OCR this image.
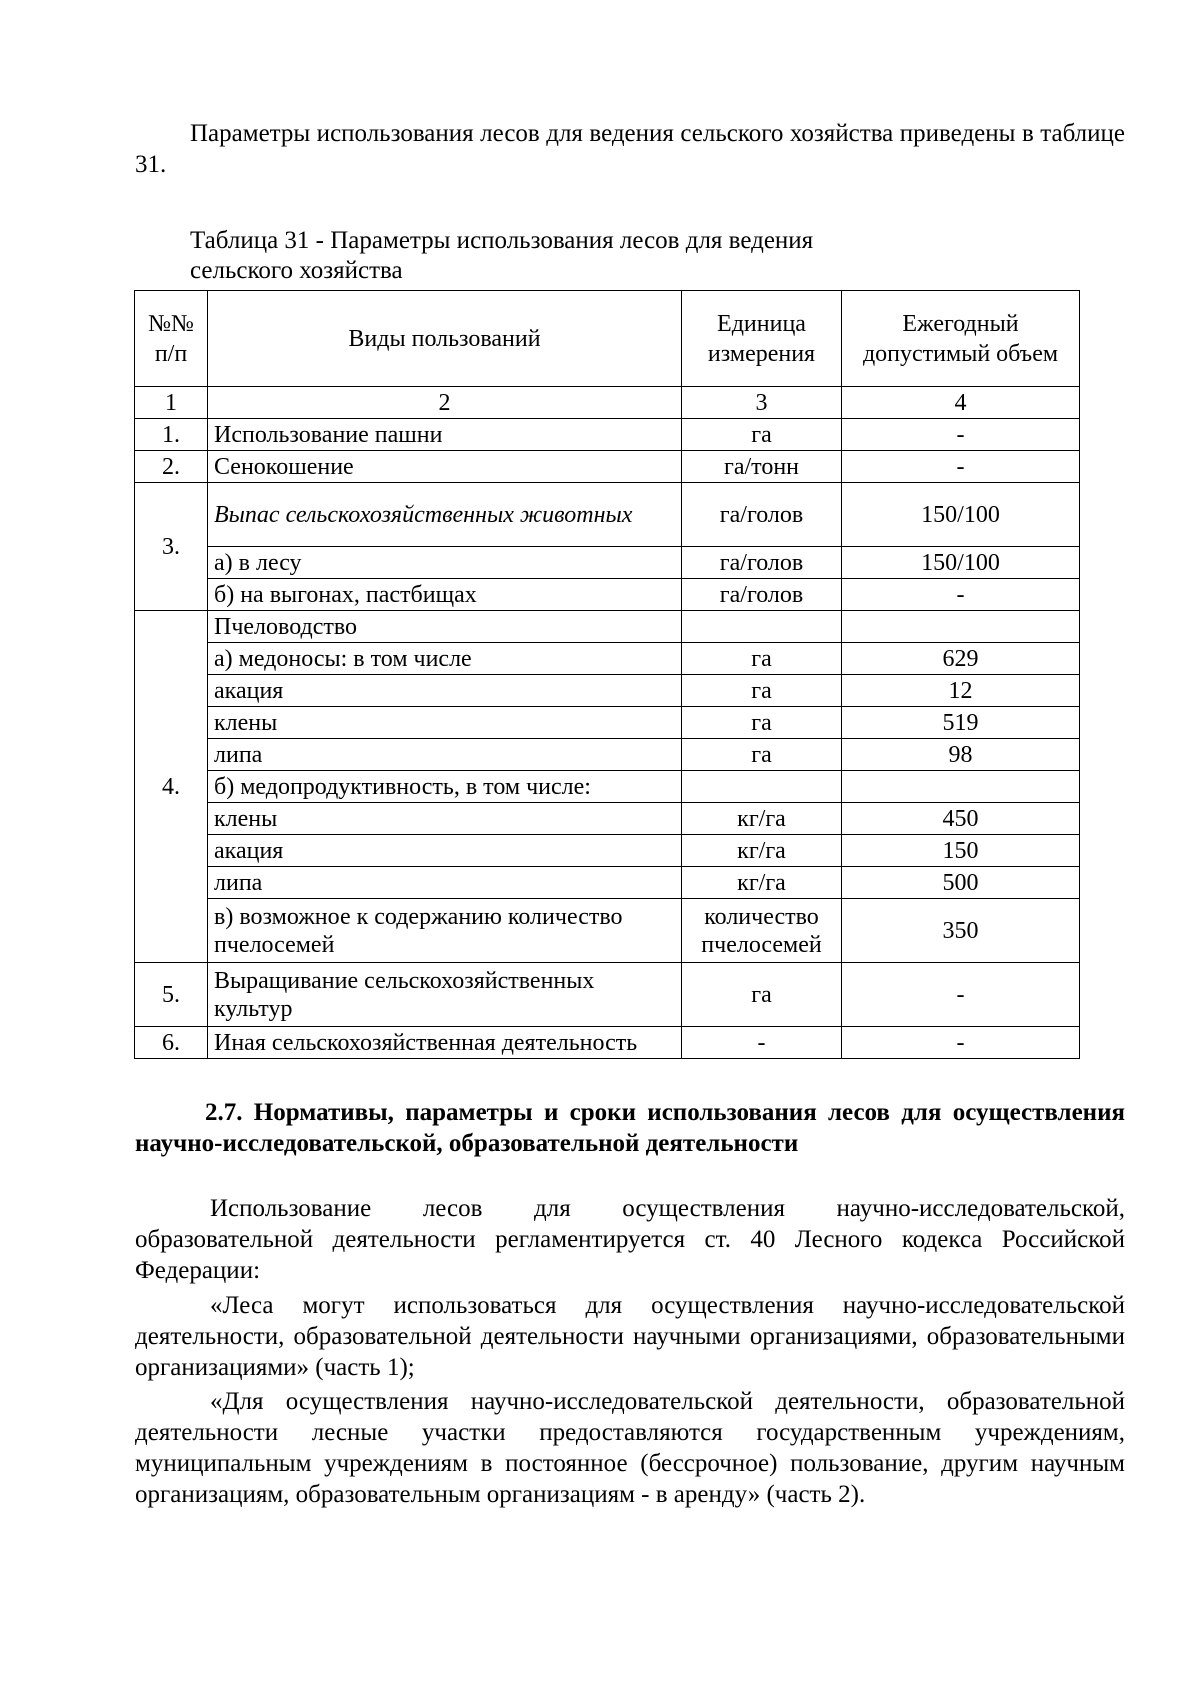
Параметры использования лесов для ведения сельского хозяйства приведены в таблице 31.

Таблица 31 - Параметры использования лесов для ведения
сельского хозяйства
№№ п/п	Виды пользований	Единица измерения	Ежегодный допустимый объем
1	2	3	4
1.	Использование пашни	га	-
2.	Сенокошение	га/тонн	-
3.	Выпас сельскохозяйственных животных	га/голов	150/100
	а) в лесу	га/голов	150/100
	б) на выгонах, пастбищах	га/голов	-
4.	Пчеловодство		
	а) медоносы: в том числе	га	629
	акация	га	12
	клены	га	519
	липа	га	98
	б) медопродуктивность, в том числе:		
	клены	кг/га	450
	акация	кг/га	150
	липа	кг/га	500
	в) возможное к содержанию количество пчелосемей	количество пчелосемей	350
5.	Выращивание сельскохозяйственных культур	га	-
6.	Иная сельскохозяйственная деятельность	-	-

2.7. Нормативы, параметры и сроки использования лесов для осуществления научно-исследовательской, образовательной деятельности

Использование лесов для осуществления научно-исследовательской, образовательной деятельности регламентируется ст. 40 Лесного кодекса Российской Федерации:

«Леса могут использоваться для осуществления научно-исследовательской деятельности, образовательной деятельности научными организациями, образовательными организациями» (часть 1);

«Для осуществления научно-исследовательской деятельности, образовательной деятельности лесные участки предоставляются государственным учреждениям, муниципальным учреждениям в постоянное (бессрочное) пользование, другим научным организациям, образовательным организациям - в аренду» (часть 2).
